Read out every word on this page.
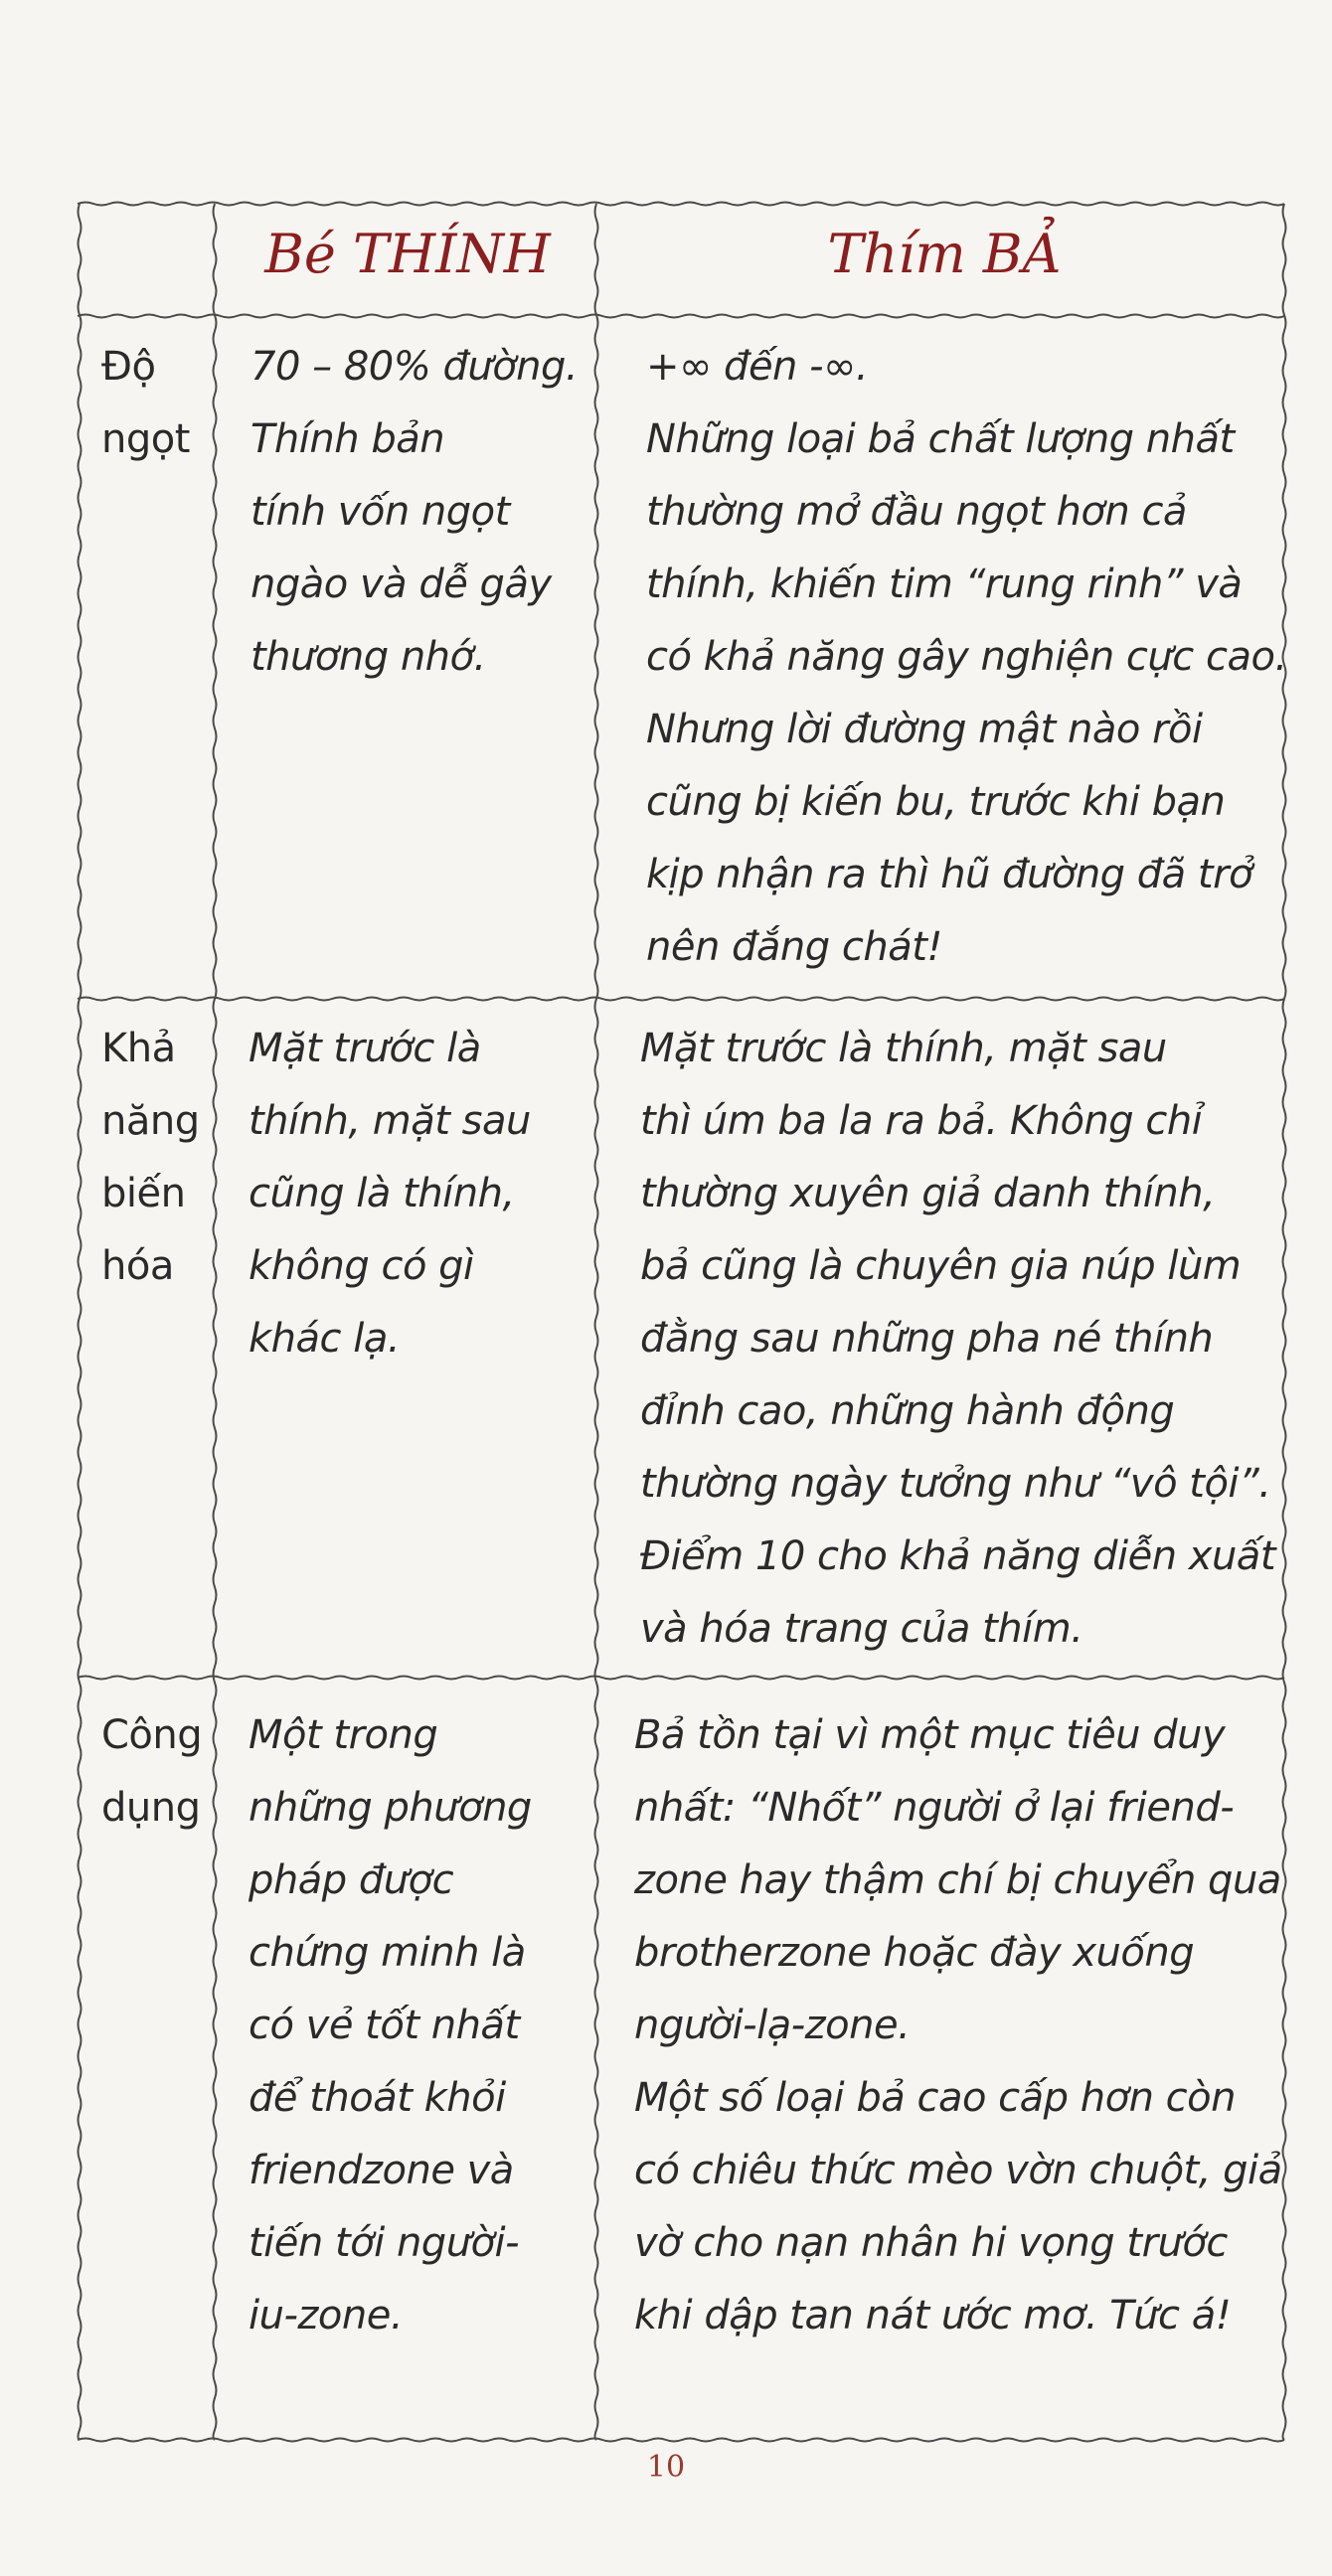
Bé THÍNH	Thím BẢ
Độ
ngọt
70 – 80% đường.
Thính bản
tính vốn ngọt
ngào và dễ gây
thương nhớ.
+∞ đến -∞.
Những loại bả chất lượng nhất
thường mở đầu ngọt hơn cả
thính, khiến tim “rung rinh” và
có khả năng gây nghiện cực cao.
Nhưng lời đường mật nào rồi
cũng bị kiến bu, trước khi bạn
kịp nhận ra thì hũ đường đã trở
nên đắng chát!
Khả
năng
biến
hóa
Mặt trước là
thính, mặt sau
cũng là thính,
không có gì
khác lạ.
Mặt trước là thính, mặt sau
thì úm ba la ra bả. Không chỉ
thường xuyên giả danh thính,
bả cũng là chuyên gia núp lùm
đằng sau những pha né thính
đỉnh cao, những hành động
thường ngày tưởng như “vô tội”.
Điểm 10 cho khả năng diễn xuất
và hóa trang của thím.
Công
dụng
Một trong
những phương
pháp được
chứng minh là
có vẻ tốt nhất
để thoát khỏi
friendzone và
tiến tới người-
iu-zone.
Bả tồn tại vì một mục tiêu duy
nhất: “Nhốt” người ở lại friend-
zone hay thậm chí bị chuyển qua
brotherzone hoặc đày xuống
người-lạ-zone.
Một số loại bả cao cấp hơn còn
có chiêu thức mèo vờn chuột, giả
vờ cho nạn nhân hi vọng trước
khi dập tan nát ước mơ. Tức á!
10
